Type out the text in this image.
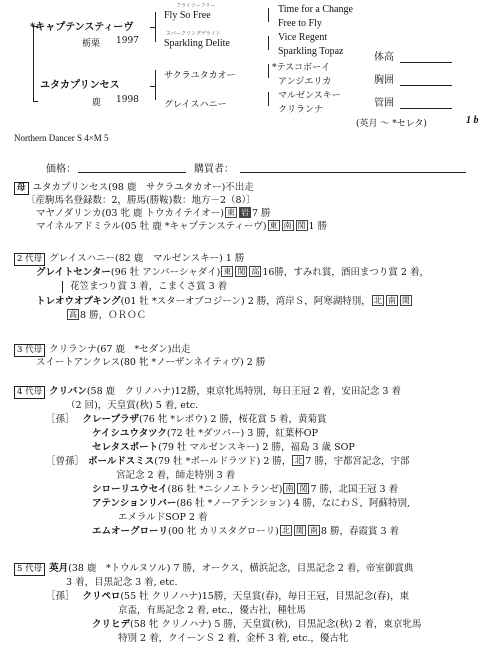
*キャプテンスティーヴ
栃栗 1997
ユタカプリンセス
鹿 1998
フライソーフリー
Fly So Free
スパークリングデライト
Sparkling Delite
サクラユタカオー
グレイスハニー
Time for a Change
Free to Fly
Vice Regent
Sparkling Topaz
*テスコボーイ
アンジエリカ
マルゼンスキー
クリランナ
体高
胸囲
管囲
(英月 ～ *セレタ)	1 b
Northern Dancer S 4×M 5
価格：	購買者：
母 ユタカプリンセス(98 鹿　サクラユタカオー)不出走
〔産駒馬名登録数：2，勝馬(勝鞍)数：地方－2（8）〕
マヤノダリンカ(03 牝 鹿 トウカイテイオー) 東 岩 7 勝
マイネルアドミラル(05 牡 鹿 *キャプテンスティーヴ) 東 南 関 1 勝
2 代母 グレイスハニー(82 鹿　マルゼンスキー) 1 勝
グレイトセンター(96 牡 アンバーシャダイ) 東 関 高 16勝，すみれ賞，酒田まつり賞 2 着，
花笠まつり賞 3 着，こまくさ賞 3 着
トレオウオプキング(01 牡 *スターオブコジーン) 2 勝，湾岸Ｓ，阿寒湖特別， 北 南 関
高 8 勝，ＯＲＯＣ
3 代母 クリランナ(67 鹿　*セダン)出走
スイートアンクレス(80 牝 *ノーザンネイティヴ) 2 勝
4 代母 クリバン(58 鹿　クリノハナ)12勝，東京牝馬特別，毎日王冠 2 着，安田記念 3 着
（2 回)，天皇賞(秋) 5 着, etc.
［孫］ クレープラザ(76 牝 *レボウ) 2 勝，桜花賞 5 着，黄菊賞
ケイシユウタツク(72 牡 *ダツパー) 3 勝，紅葉杯OP
セレタスポート(79 牡 マルゼンスキー) 2 勝，福島 3 歳 SOP
［曾孫］ ボールドスミス(79 牡 *ボールドラツド) 2 勝， 北 7 勝，宇都宮記念，宇部
宮記念 2 着，師走特別 3 着
シローリユウセイ(86 牡 *ニシノエトランゼ) 南 関 7 勝，北国王冠 3 着
アテンションリバー(86 牡 *ノーアテンション) 4 勝，なにわＳ，阿蘇特別,
エメラルドSOP 2 着
エムオーグローリ(00 牝 カリスタグローリ) 北 関 南 8 勝，春霞賞 3 着
5 代母 英月(38 鹿　*トウルヌソル) 7 勝，オークス，横浜記念，目黒記念 2 着，帝室御賞典
3 着，目黒記念 3 着, etc.
［孫］ クリペロ(55 牡 クリノハナ)15勝，天皇賞(春)，毎日王冠，目黒記念(春)，東
京盃，有馬記念 2 着, etc.，優古社，種牡馬
クリヒデ(58 牝 クリノハナ) 5 勝，天皇賞(秋)，目黒記念(秋) 2 着，東京牝馬
特別 2 着，クイーンＳ 2 着，金杯 3 着, etc.，優古牝
